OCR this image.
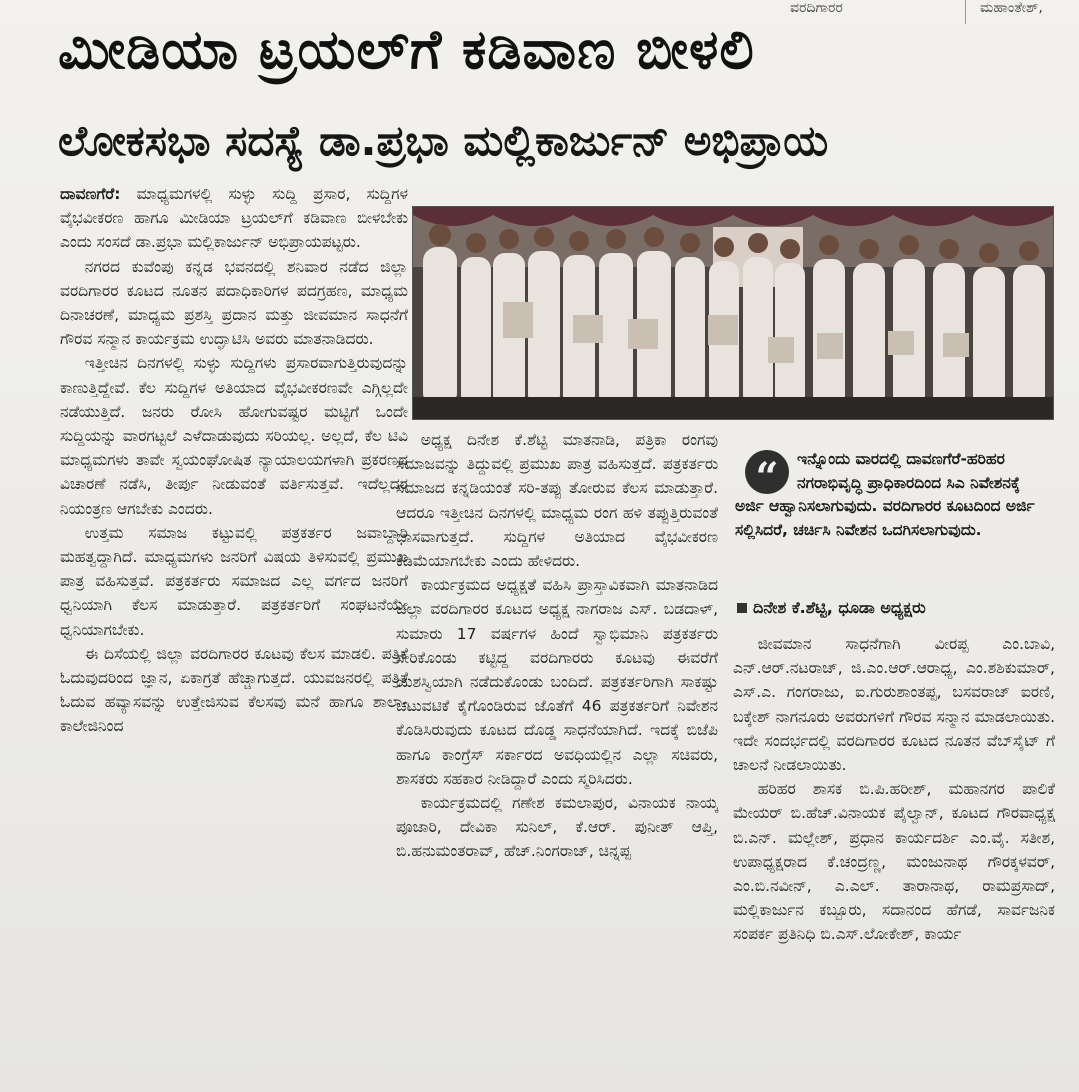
ವರದಿಗಾರರ	ಮಹಾಂತೇಶ್,
ಮೀಡಿಯಾ ಟ್ರಯಲ್‌ಗೆ ಕಡಿವಾಣ ಬೀಳಲಿ
ಲೋಕಸಭಾ ಸದಸ್ಯೆ ಡಾ.ಪ್ರಭಾ ಮಲ್ಲಿಕಾರ್ಜುನ್ ಅಭಿಪ್ರಾಯ

ದಾವಣಗೆರೆ: ಮಾಧ್ಯಮಗಳಲ್ಲಿ ಸುಳ್ಳು ಸುದ್ದಿ ಪ್ರಸಾರ, ಸುದ್ದಿಗಳ ವೈಭವೀಕರಣ ಹಾಗೂ ಮೀಡಿಯಾ ಟ್ರಯಲ್‌ಗೆ ಕಡಿವಾಣ ಬೀಳಬೇಕು ಎಂದು ಸಂಸದೆ ಡಾ.ಪ್ರಭಾ ಮಲ್ಲಿಕಾರ್ಜುನ್ ಅಭಿಪ್ರಾಯಪಟ್ಟರು.

ನಗರದ ಕುವೆಂಪು ಕನ್ನಡ ಭವನದಲ್ಲಿ ಶನಿವಾರ ನಡೆದ ಜಿಲ್ಲಾ ವರದಿಗಾರರ ಕೂಟದ ನೂತನ ಪದಾಧಿಕಾರಿಗಳ ಪದಗ್ರಹಣ, ಮಾಧ್ಯಮ ದಿನಾಚರಣೆ, ಮಾಧ್ಯಮ ಪ್ರಶಸ್ತಿ ಪ್ರದಾನ ಮತ್ತು ಜೀವಮಾನ ಸಾಧನೆಗೆ ಗೌರವ ಸನ್ಮಾನ ಕಾರ್ಯಕ್ರಮ ಉದ್ಘಾಟಿಸಿ ಅವರು ಮಾತನಾಡಿದರು.

ಇತ್ತೀಚಿನ ದಿನಗಳಲ್ಲಿ ಸುಳ್ಳು ಸುದ್ದಿಗಳು ಪ್ರಸಾರವಾಗುತ್ತಿರುವುದನ್ನು ಕಾಣುತ್ತಿದ್ದೇವೆ. ಕೆಲ ಸುದ್ದಿಗಳ ಅತಿಯಾದ ವೈಭವೀಕರಣವೇ ಎಗ್ಗಿಲ್ಲದೇ ನಡೆಯುತ್ತಿದೆ. ಜನರು ರೋಸಿ ಹೋಗುವಷ್ಟರ ಮಟ್ಟಿಗೆ ಒಂದೇ ಸುದ್ದಿಯನ್ನು ವಾರಗಟ್ಟಲೆ ಎಳೆದಾಡುವುದು ಸರಿಯಲ್ಲ. ಅಲ್ಲದೆ, ಕೆಲ ಟಿವಿ ಮಾಧ್ಯಮಗಳು ತಾವೇ ಸ್ವಯಂಘೋಷಿತ ನ್ಯಾಯಾಲಯಗಳಾಗಿ ಪ್ರಕರಣದ ವಿಚಾರಣೆ ನಡೆಸಿ, ತೀರ್ಪು ನೀಡುವಂತೆ ವರ್ತಿಸುತ್ತವೆ. ಇದೆಲ್ಲದರ ನಿಯಂತ್ರಣ ಆಗಬೇಕು ಎಂದರು.

ಉತ್ತಮ ಸಮಾಜ ಕಟ್ಟುವಲ್ಲಿ ಪತ್ರಕರ್ತರ ಜವಾಬ್ದಾರಿ ಮಹತ್ವದ್ದಾಗಿದೆ. ಮಾಧ್ಯಮಗಳು ಜನರಿಗೆ ವಿಷಯ ತಿಳಿಸುವಲ್ಲಿ ಪ್ರಮುಖ ಪಾತ್ರ ವಹಿಸುತ್ತವೆ. ಪತ್ರಕರ್ತರು ಸಮಾಜದ ಎಲ್ಲ ವರ್ಗದ ಜನರಿಗೆ ಧ್ವನಿಯಾಗಿ ಕೆಲಸ ಮಾಡುತ್ತಾರೆ. ಪತ್ರಕರ್ತರಿಗೆ ಸಂಘಟನೆಯೇ ಧ್ವನಿಯಾಗಬೇಕು.

ಈ ದಿಸೆಯಲ್ಲಿ ಜಿಲ್ಲಾ ವರದಿಗಾರರ ಕೂಟವು ಕೆಲಸ ಮಾಡಲಿ. ಪತ್ರಿಕೆ ಓದುವುದರಿಂದ ಜ್ಞಾನ, ಏಕಾಗ್ರತೆ ಹೆಚ್ಚಾಗುತ್ತದೆ. ಯುವಜನರಲ್ಲಿ ಪತ್ರಿಕೆ ಓದುವ ಹವ್ಯಾಸವನ್ನು ಉತ್ತೇಜಿಸುವ ಕೆಲಸವು ಮನೆ ಹಾಗೂ ಶಾಲಾ-ಕಾಲೇಜಿನಿಂದ

ಅಧ್ಯಕ್ಷ ದಿನೇಶ ಕೆ.ಶೆಟ್ಟಿ ಮಾತನಾಡಿ, ಪತ್ರಿಕಾ ರಂಗವು ಸಮಾಜವನ್ನು ತಿದ್ದುವಲ್ಲಿ ಪ್ರಮುಖ ಪಾತ್ರ ವಹಿಸುತ್ತದೆ. ಪತ್ರಕರ್ತರು ಸಮಾಜದ ಕನ್ನಡಿಯಂತೆ ಸರಿ-ತಪ್ಪು ತೋರುವ ಕೆಲಸ ಮಾಡುತ್ತಾರೆ. ಆದರೂ ಇತ್ತೀಚಿನ ದಿನಗಳಲ್ಲಿ ಮಾಧ್ಯಮ ರಂಗ ಹಳಿ ತಪ್ಪುತ್ತಿರುವಂತೆ ಭಾಸವಾಗುತ್ತದೆ. ಸುದ್ದಿಗಳ ಅತಿಯಾದ ವೈಭವೀಕರಣ ಕಡಿಮೆಯಾಗಬೇಕು ಎಂದು ಹೇಳಿದರು.

ಕಾರ್ಯಕ್ರಮದ ಅಧ್ಯಕ್ಷತೆ ವಹಿಸಿ ಪ್ರಾಸ್ತಾವಿಕವಾಗಿ ಮಾತನಾಡಿದ ಜಿಲ್ಲಾ ವರದಿಗಾರರ ಕೂಟದ ಅಧ್ಯಕ್ಷ ನಾಗರಾಜ ಎಸ್. ಬಡದಾಳ್, ಸುಮಾರು 17 ವರ್ಷಗಳ ಹಿಂದೆ ಸ್ವಾಭಿಮಾನಿ ಪತ್ರಕರ್ತರು ಸೇರಿಕೊಂಡು ಕಟ್ಟಿದ್ದ ವರದಿಗಾರರು ಕೂಟವು ಈವರೆಗೆ ಯಶಸ್ವಿಯಾಗಿ ನಡೆದುಕೊಂಡು ಬಂದಿದೆ. ಪತ್ರಕರ್ತರಿಗಾಗಿ ಸಾಕಷ್ಟು ಚಟುವಟಿಕೆ ಕೈಗೊಂಡಿರುವ ಜೊತೆಗೆ 46 ಪತ್ರಕರ್ತರಿಗೆ ನಿವೇಶನ ಕೊಡಿಸಿರುವುದು ಕೂಟದ ದೊಡ್ಡ ಸಾಧನೆಯಾಗಿದೆ. ಇದಕ್ಕೆ ಬಿಜೆಪಿ ಹಾಗೂ ಕಾಂಗ್ರೆಸ್ ಸರ್ಕಾರದ ಅವಧಿಯಲ್ಲಿನ ಎಲ್ಲಾ ಸಚಿವರು, ಶಾಸಕರು ಸಹಕಾರ ನೀಡಿದ್ದಾರೆ ಎಂದು ಸ್ಮರಿಸಿದರು.

ಕಾರ್ಯಕ್ರಮದಲ್ಲಿ ಗಣೇಶ ಕಮಲಾಪುರ, ವಿನಾಯಕ ನಾಯ್ಕ ಪೂಜಾರಿ, ದೇವಿಕಾ ಸುನಿಲ್, ಕೆ.ಆರ್. ಪುನೀತ್ ಆಪ್ತಿ, ಬಿ.ಹನುಮಂತರಾವ್, ಹೆಚ್.ನಿಂಗರಾಜ್, ಚಿನ್ನಪ್ಪ

ಇನ್ನೊಂದು ವಾರದಲ್ಲಿ ದಾವಣಗೆರೆ-ಹರಿಹರ ನಗರಾಭಿವೃದ್ಧಿ ಪ್ರಾಧಿಕಾರದಿಂದ ಸಿಎ ನಿವೇಶನಕ್ಕೆ
ಅರ್ಜಿ ಆಹ್ವಾನಿಸಲಾಗುವುದು. ವರದಿಗಾರರ ಕೂಟದಿಂದ ಅರ್ಜಿ ಸಲ್ಲಿಸಿದರೆ, ಚರ್ಚಿಸಿ ನಿವೇಶನ ಒದಗಿಸಲಾಗುವುದು.
“
ದಿನೇಶ ಕೆ.ಶೆಟ್ಟಿ, ಧೂಡಾ ಅಧ್ಯಕ್ಷರು

ಜೀವಮಾನ ಸಾಧನೆಗಾಗಿ ವೀರಪ್ಪ ಎಂ.ಬಾವಿ, ಎನ್.ಆರ್.ನಟರಾಜ್, ಜಿ.ಎಂ.ಆರ್.ಆರಾಧ್ಯ, ಎಂ.ಶಶಿಕುಮಾರ್, ಎಸ್.ಎ. ಗಂಗರಾಜು, ಐ.ಗುರುಶಾಂತಪ್ಪ, ಬಸವರಾಜ್ ಐರಣಿ, ಬಕ್ಕೇಶ್ ನಾಗನೂರು ಅವರುಗಳಿಗೆ ಗೌರವ ಸನ್ಮಾನ ಮಾಡಲಾಯಿತು. ಇದೇ ಸಂದರ್ಭದಲ್ಲಿ ವರದಿಗಾರರ ಕೂಟದ ನೂತನ ವೆಬ್‌ಸೈಟ್ ಗೆ ಚಾಲನೆ ನೀಡಲಾಯಿತು.

ಹರಿಹರ ಶಾಸಕ ಬಿ.ಪಿ.ಹರೀಶ್, ಮಹಾನಗರ ಪಾಲಿಕೆ ಮೇಯರ್ ಬಿ.ಹೆಚ್.ವಿನಾಯಕ ಪೈಲ್ವಾನ್, ಕೂಟದ ಗೌರವಾಧ್ಯಕ್ಷ ಬಿ.ಎನ್. ಮಲ್ಲೇಶ್, ಪ್ರಧಾನ ಕಾರ್ಯದರ್ಶಿ ಎಂ.ವೈ. ಸತೀಶ, ಉಪಾಧ್ಯಕ್ಷರಾದ ಕೆ.ಚಂದ್ರಣ್ಣ, ಮಂಜುನಾಥ ಗೌರಕ್ಕಳವರ್, ಎಂ.ಬಿ.ನವೀನ್, ಎ.ಎಲ್. ತಾರಾನಾಥ, ರಾಮಪ್ರಸಾದ್, ಮಲ್ಲಿಕಾರ್ಜುನ ಕಬ್ಬೂರು, ಸದಾನಂದ ಹೆಗಡೆ, ಸಾರ್ವಜನಿಕ ಸಂಪರ್ಕ ಪ್ರತಿನಿಧಿ ಬಿ.ಎಸ್.ಲೋಕೇಶ್, ಕಾರ್ಯ
